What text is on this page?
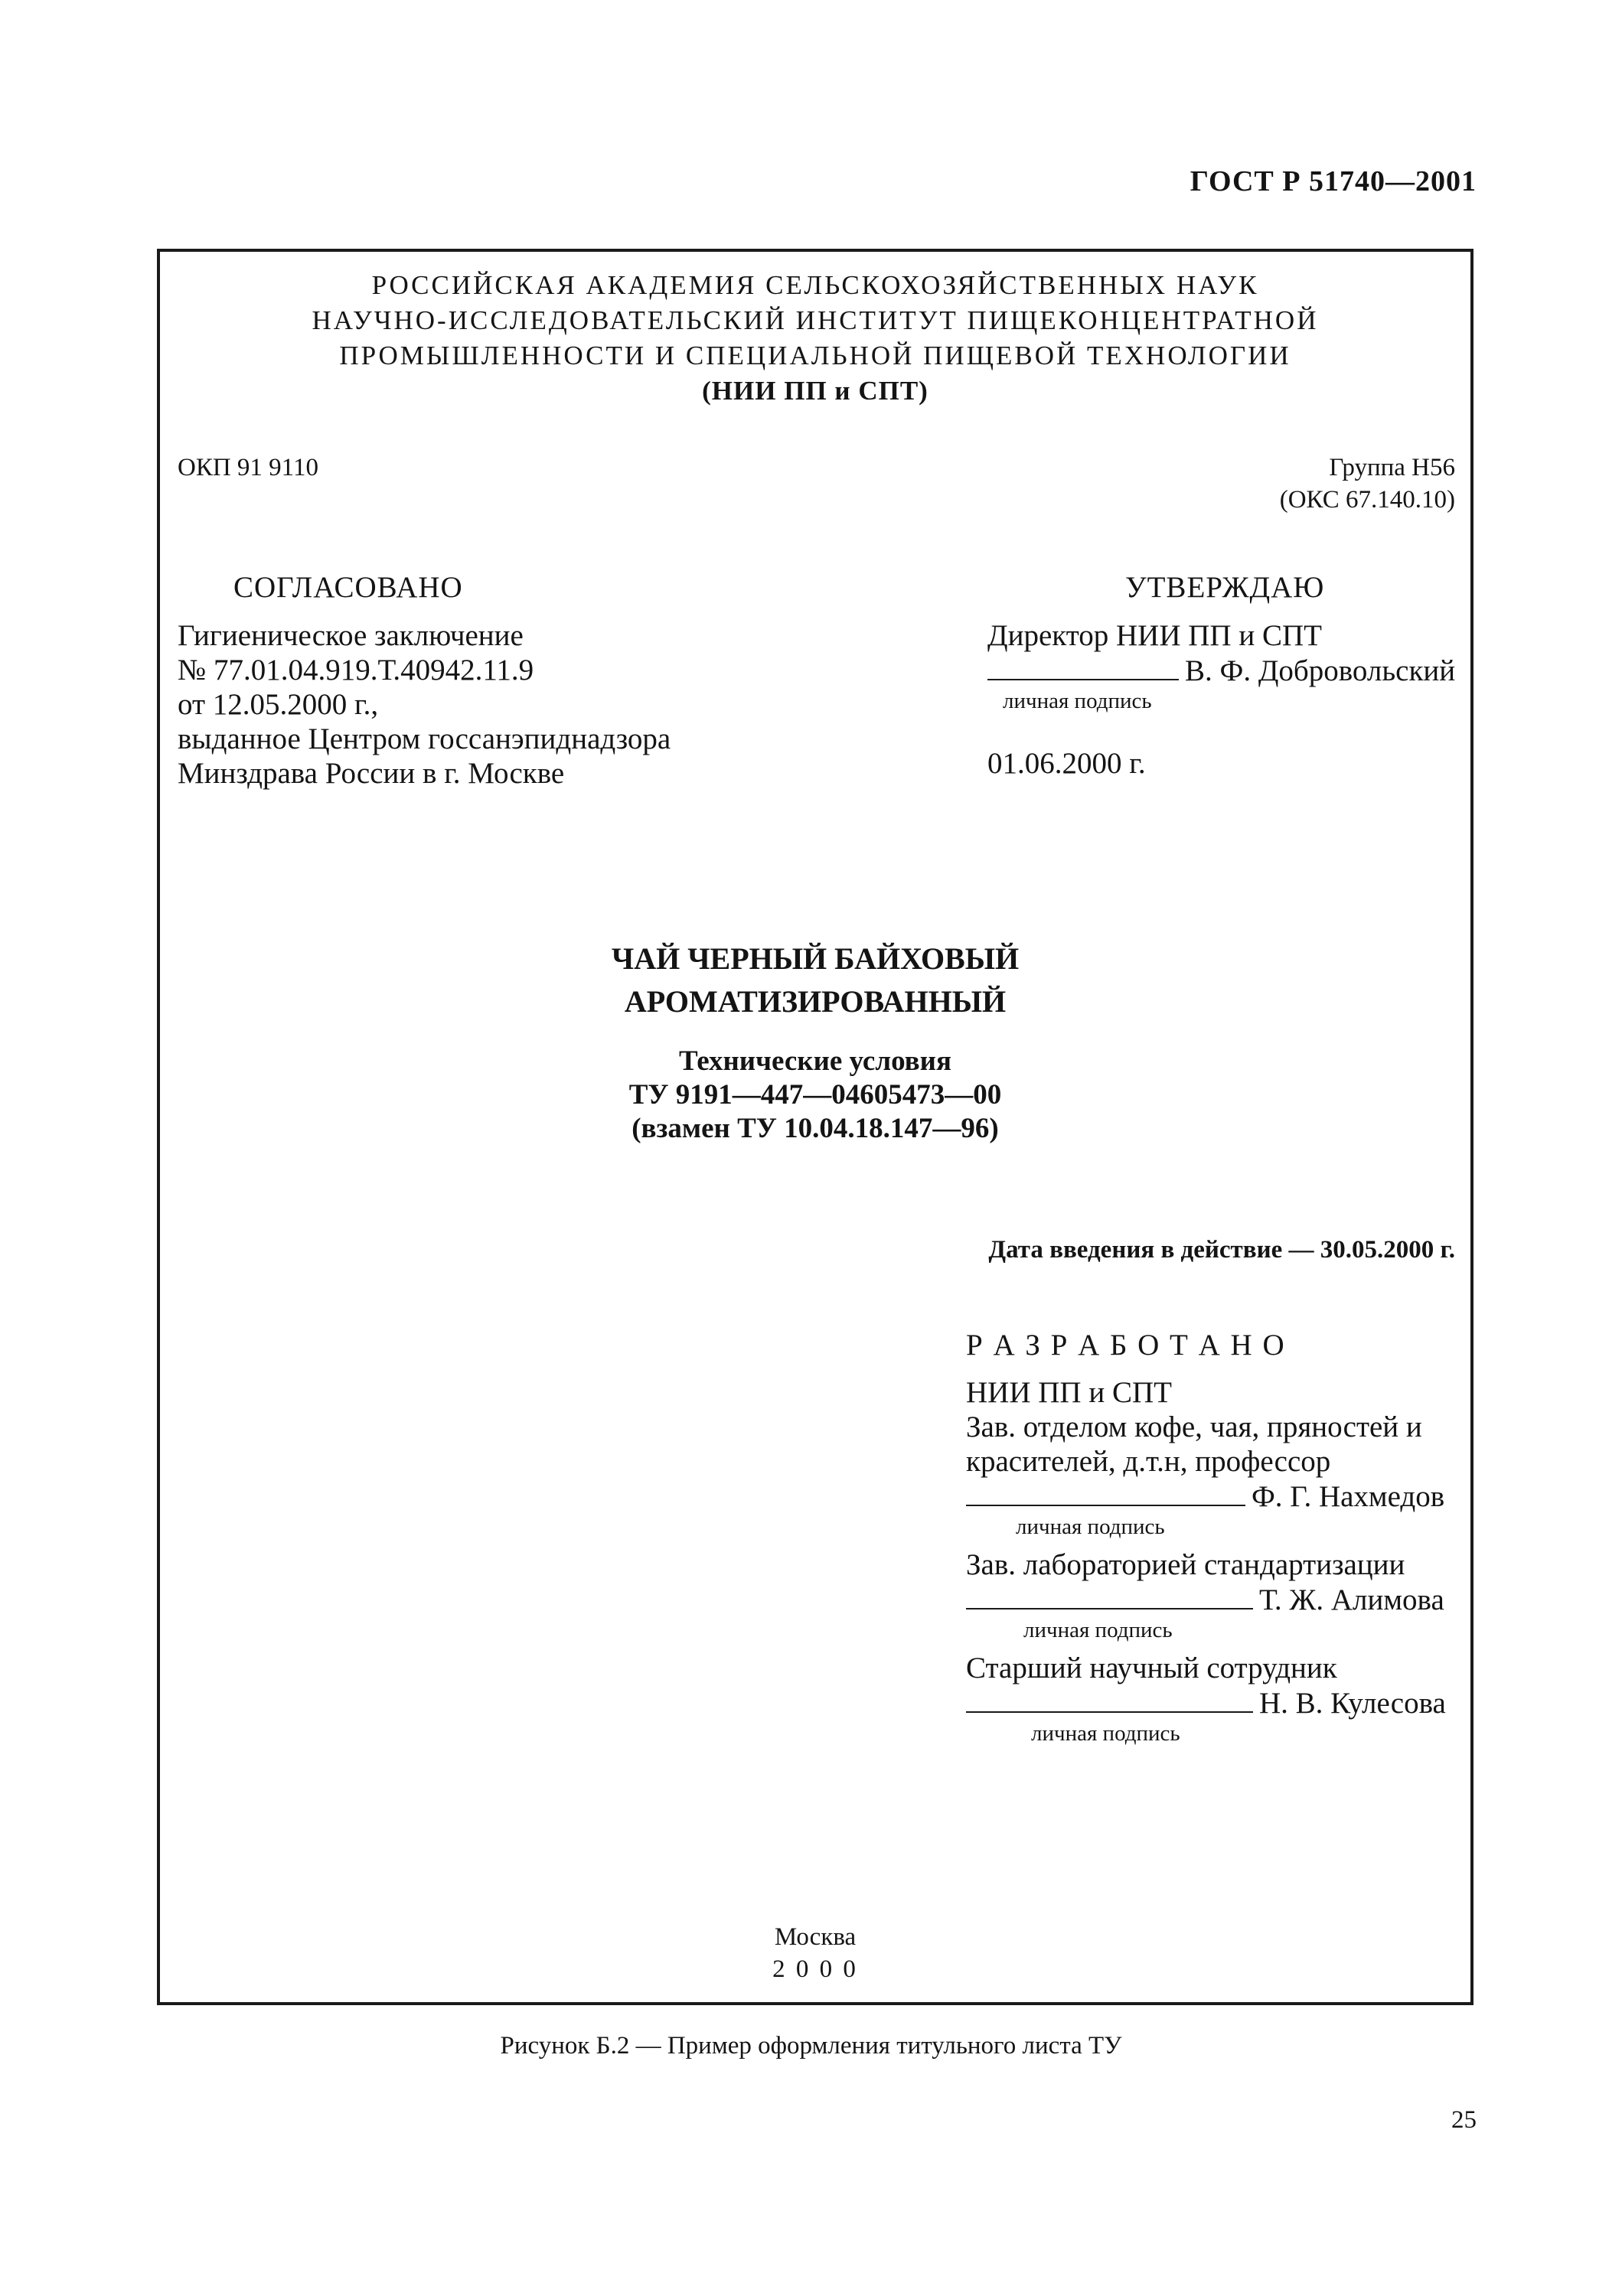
ГОСТ Р 51740—2001
РОССИЙСКАЯ АКАДЕМИЯ СЕЛЬСКОХОЗЯЙСТВЕННЫХ НАУК
НАУЧНО-ИССЛЕДОВАТЕЛЬСКИЙ ИНСТИТУТ ПИЩЕКОНЦЕНТРАТНОЙ
ПРОМЫШЛЕННОСТИ И СПЕЦИАЛЬНОЙ ПИЩЕВОЙ ТЕХНОЛОГИИ
(НИИ ПП и СПТ)
ОКП 91 9110	Группа Н56
(ОКС 67.140.10)
СОГЛАСОВАНО
Гигиеническое заключение
№ 77.01.04.919.Т.40942.11.9
от 12.05.2000 г.,
выданное Центром госсанэпиднадзора
Минздрава России в г. Москве
УТВЕРЖДАЮ
Директор НИИ ПП и СПТ
В. Ф. Добровольский
личная подпись
01.06.2000 г.
ЧАЙ ЧЕРНЫЙ БАЙХОВЫЙ
АРОМАТИЗИРОВАННЫЙ
Технические условия
ТУ 9191—447—04605473—00
(взамен ТУ 10.04.18.147—96)
Дата введения в действие — 30.05.2000 г.
Р А З Р А Б О Т А Н О
НИИ ПП и СПТ
Зав. отделом кофе, чая, пряностей и
красителей, д.т.н, профессор
Ф. Г. Нахмедов
личная подпись
Зав. лабораторией стандартизации
Т. Ж. Алимова
личная подпись
Старший научный сотрудник
Н. В. Кулесова
личная подпись
Москва
2 0 0 0
Рисунок Б.2 — Пример оформления титульного листа ТУ
25
